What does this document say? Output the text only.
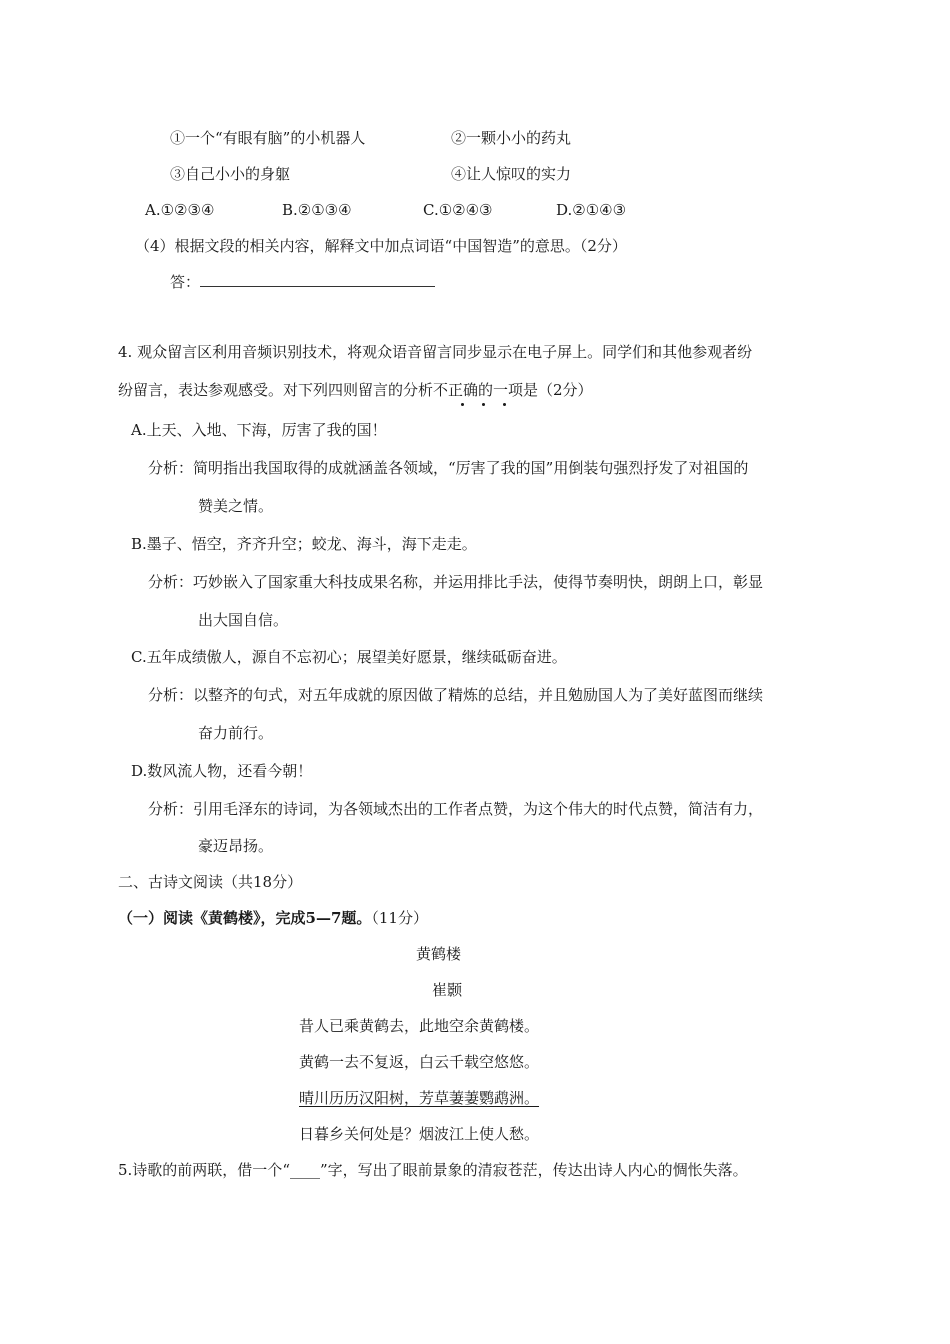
①一个“有眼有脑”的小机器人	②一颗小小的药丸
③自己小小的身躯	④让人惊叹的实力
A.①②③④	B.②①③④	C.①②④③	D.②①④③
（4）根据文段的相关内容，解释文中加点词语“中国智造”的意思。（2分）
答：
4. 观众留言区利用音频识别技术，将观众语音留言同步显示在电子屏上。同学们和其他参观者纷
纷留言，表达参观感受。对下列四则留言的分析不正确的一项是（2分）
A.上天、入地、下海，厉害了我的国！
分析：简明指出我国取得的成就涵盖各领域，“厉害了我的国”用倒装句强烈抒发了对祖国的
赞美之情。
B.墨子、悟空，齐齐升空；蛟龙、海斗，海下走走。
分析：巧妙嵌入了国家重大科技成果名称，并运用排比手法，使得节奏明快，朗朗上口，彰显
出大国自信。
C.五年成绩傲人，源自不忘初心；展望美好愿景，继续砥砺奋进。
分析：以整齐的句式，对五年成就的原因做了精炼的总结，并且勉励国人为了美好蓝图而继续
奋力前行。
D.数风流人物，还看今朝！
分析：引用毛泽东的诗词，为各领域杰出的工作者点赞，为这个伟大的时代点赞，简洁有力，
豪迈昂扬。
二、古诗文阅读（共18分）
（一）阅读《黄鹤楼》，完成5—7题。（11分）
黄鹤楼
崔颢
昔人已乘黄鹤去，此地空余黄鹤楼。
黄鹤一去不复返，白云千载空悠悠。
晴川历历汉阳树，芳草萋萋鹦鹉洲。
日暮乡关何处是？烟波江上使人愁。
5.诗歌的前两联，借一个“____”字，写出了眼前景象的清寂苍茫，传达出诗人内心的惆怅失落。
